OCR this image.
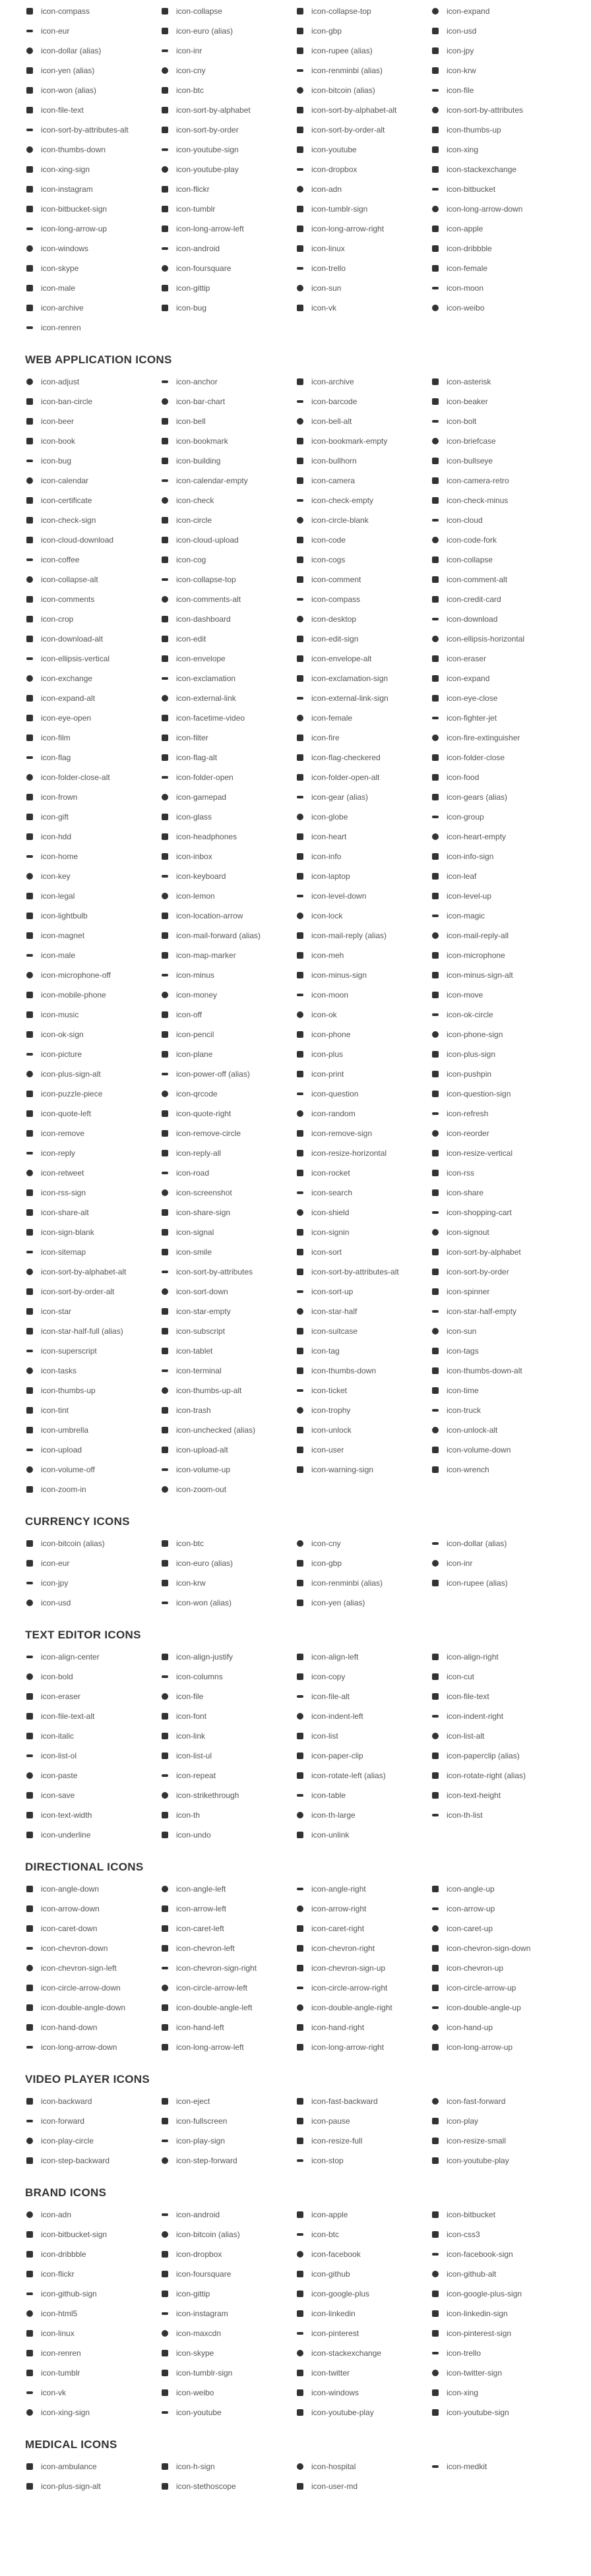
icon-compass	icon-collapse	icon-collapse-top	icon-expand
icon-eur	icon-euro (alias)	icon-gbp	icon-usd
icon-dollar (alias)	icon-inr	icon-rupee (alias)	icon-jpy
icon-yen (alias)	icon-cny	icon-renminbi (alias)	icon-krw
icon-won (alias)	icon-btc	icon-bitcoin (alias)	icon-file
icon-file-text	icon-sort-by-alphabet	icon-sort-by-alphabet-alt	icon-sort-by-attributes
icon-sort-by-attributes-alt	icon-sort-by-order	icon-sort-by-order-alt	icon-thumbs-up
icon-thumbs-down	icon-youtube-sign	icon-youtube	icon-xing
icon-xing-sign	icon-youtube-play	icon-dropbox	icon-stackexchange
icon-instagram	icon-flickr	icon-adn	icon-bitbucket
icon-bitbucket-sign	icon-tumblr	icon-tumblr-sign	icon-long-arrow-down
icon-long-arrow-up	icon-long-arrow-left	icon-long-arrow-right	icon-apple
icon-windows	icon-android	icon-linux	icon-dribbble
icon-skype	icon-foursquare	icon-trello	icon-female
icon-male	icon-gittip	icon-sun	icon-moon
icon-archive	icon-bug	icon-vk	icon-weibo
icon-renren
WEB APPLICATION ICONS
icon-adjust	icon-anchor	icon-archive	icon-asterisk
icon-ban-circle	icon-bar-chart	icon-barcode	icon-beaker
icon-beer	icon-bell	icon-bell-alt	icon-bolt
icon-book	icon-bookmark	icon-bookmark-empty	icon-briefcase
icon-bug	icon-building	icon-bullhorn	icon-bullseye
icon-calendar	icon-calendar-empty	icon-camera	icon-camera-retro
icon-certificate	icon-check	icon-check-empty	icon-check-minus
icon-check-sign	icon-circle	icon-circle-blank	icon-cloud
icon-cloud-download	icon-cloud-upload	icon-code	icon-code-fork
icon-coffee	icon-cog	icon-cogs	icon-collapse
icon-collapse-alt	icon-collapse-top	icon-comment	icon-comment-alt
icon-comments	icon-comments-alt	icon-compass	icon-credit-card
icon-crop	icon-dashboard	icon-desktop	icon-download
icon-download-alt	icon-edit	icon-edit-sign	icon-ellipsis-horizontal
icon-ellipsis-vertical	icon-envelope	icon-envelope-alt	icon-eraser
icon-exchange	icon-exclamation	icon-exclamation-sign	icon-expand
icon-expand-alt	icon-external-link	icon-external-link-sign	icon-eye-close
icon-eye-open	icon-facetime-video	icon-female	icon-fighter-jet
icon-film	icon-filter	icon-fire	icon-fire-extinguisher
icon-flag	icon-flag-alt	icon-flag-checkered	icon-folder-close
icon-folder-close-alt	icon-folder-open	icon-folder-open-alt	icon-food
icon-frown	icon-gamepad	icon-gear (alias)	icon-gears (alias)
icon-gift	icon-glass	icon-globe	icon-group
icon-hdd	icon-headphones	icon-heart	icon-heart-empty
icon-home	icon-inbox	icon-info	icon-info-sign
icon-key	icon-keyboard	icon-laptop	icon-leaf
icon-legal	icon-lemon	icon-level-down	icon-level-up
icon-lightbulb	icon-location-arrow	icon-lock	icon-magic
icon-magnet	icon-mail-forward (alias)	icon-mail-reply (alias)	icon-mail-reply-all
icon-male	icon-map-marker	icon-meh	icon-microphone
icon-microphone-off	icon-minus	icon-minus-sign	icon-minus-sign-alt
icon-mobile-phone	icon-money	icon-moon	icon-move
icon-music	icon-off	icon-ok	icon-ok-circle
icon-ok-sign	icon-pencil	icon-phone	icon-phone-sign
icon-picture	icon-plane	icon-plus	icon-plus-sign
icon-plus-sign-alt	icon-power-off (alias)	icon-print	icon-pushpin
icon-puzzle-piece	icon-qrcode	icon-question	icon-question-sign
icon-quote-left	icon-quote-right	icon-random	icon-refresh
icon-remove	icon-remove-circle	icon-remove-sign	icon-reorder
icon-reply	icon-reply-all	icon-resize-horizontal	icon-resize-vertical
icon-retweet	icon-road	icon-rocket	icon-rss
icon-rss-sign	icon-screenshot	icon-search	icon-share
icon-share-alt	icon-share-sign	icon-shield	icon-shopping-cart
icon-sign-blank	icon-signal	icon-signin	icon-signout
icon-sitemap	icon-smile	icon-sort	icon-sort-by-alphabet
icon-sort-by-alphabet-alt	icon-sort-by-attributes	icon-sort-by-attributes-alt	icon-sort-by-order
icon-sort-by-order-alt	icon-sort-down	icon-sort-up	icon-spinner
icon-star	icon-star-empty	icon-star-half	icon-star-half-empty
icon-star-half-full (alias)	icon-subscript	icon-suitcase	icon-sun
icon-superscript	icon-tablet	icon-tag	icon-tags
icon-tasks	icon-terminal	icon-thumbs-down	icon-thumbs-down-alt
icon-thumbs-up	icon-thumbs-up-alt	icon-ticket	icon-time
icon-tint	icon-trash	icon-trophy	icon-truck
icon-umbrella	icon-unchecked (alias)	icon-unlock	icon-unlock-alt
icon-upload	icon-upload-alt	icon-user	icon-volume-down
icon-volume-off	icon-volume-up	icon-warning-sign	icon-wrench
icon-zoom-in	icon-zoom-out
CURRENCY ICONS
icon-bitcoin (alias)	icon-btc	icon-cny	icon-dollar (alias)
icon-eur	icon-euro (alias)	icon-gbp	icon-inr
icon-jpy	icon-krw	icon-renminbi (alias)	icon-rupee (alias)
icon-usd	icon-won (alias)	icon-yen (alias)
TEXT EDITOR ICONS
icon-align-center	icon-align-justify	icon-align-left	icon-align-right
icon-bold	icon-columns	icon-copy	icon-cut
icon-eraser	icon-file	icon-file-alt	icon-file-text
icon-file-text-alt	icon-font	icon-indent-left	icon-indent-right
icon-italic	icon-link	icon-list	icon-list-alt
icon-list-ol	icon-list-ul	icon-paper-clip	icon-paperclip (alias)
icon-paste	icon-repeat	icon-rotate-left (alias)	icon-rotate-right (alias)
icon-save	icon-strikethrough	icon-table	icon-text-height
icon-text-width	icon-th	icon-th-large	icon-th-list
icon-underline	icon-undo	icon-unlink
DIRECTIONAL ICONS
icon-angle-down	icon-angle-left	icon-angle-right	icon-angle-up
icon-arrow-down	icon-arrow-left	icon-arrow-right	icon-arrow-up
icon-caret-down	icon-caret-left	icon-caret-right	icon-caret-up
icon-chevron-down	icon-chevron-left	icon-chevron-right	icon-chevron-sign-down
icon-chevron-sign-left	icon-chevron-sign-right	icon-chevron-sign-up	icon-chevron-up
icon-circle-arrow-down	icon-circle-arrow-left	icon-circle-arrow-right	icon-circle-arrow-up
icon-double-angle-down	icon-double-angle-left	icon-double-angle-right	icon-double-angle-up
icon-hand-down	icon-hand-left	icon-hand-right	icon-hand-up
icon-long-arrow-down	icon-long-arrow-left	icon-long-arrow-right	icon-long-arrow-up
VIDEO PLAYER ICONS
icon-backward	icon-eject	icon-fast-backward	icon-fast-forward
icon-forward	icon-fullscreen	icon-pause	icon-play
icon-play-circle	icon-play-sign	icon-resize-full	icon-resize-small
icon-step-backward	icon-step-forward	icon-stop	icon-youtube-play
BRAND ICONS
icon-adn	icon-android	icon-apple	icon-bitbucket
icon-bitbucket-sign	icon-bitcoin (alias)	icon-btc	icon-css3
icon-dribbble	icon-dropbox	icon-facebook	icon-facebook-sign
icon-flickr	icon-foursquare	icon-github	icon-github-alt
icon-github-sign	icon-gittip	icon-google-plus	icon-google-plus-sign
icon-html5	icon-instagram	icon-linkedin	icon-linkedin-sign
icon-linux	icon-maxcdn	icon-pinterest	icon-pinterest-sign
icon-renren	icon-skype	icon-stackexchange	icon-trello
icon-tumblr	icon-tumblr-sign	icon-twitter	icon-twitter-sign
icon-vk	icon-weibo	icon-windows	icon-xing
icon-xing-sign	icon-youtube	icon-youtube-play	icon-youtube-sign
MEDICAL ICONS
icon-ambulance	icon-h-sign	icon-hospital	icon-medkit
icon-plus-sign-alt	icon-stethoscope	icon-user-md
